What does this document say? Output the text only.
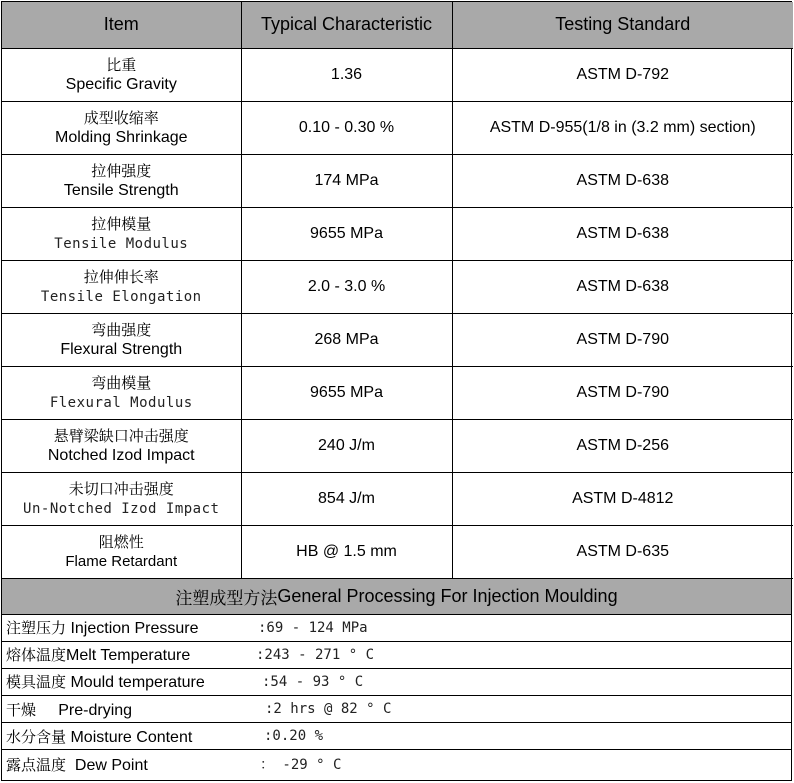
Item	Typical Characteristic	Testing Standard

比重
Specific Gravity	1.36	ASTM D-792

成型收缩率
Molding Shrinkage	0.10 - 0.30 %	ASTM D-955(1/8 in (3.2 mm) section)

拉伸强度
Tensile Strength	174 MPa	ASTM D-638

拉伸模量
Tensile Modulus	9655 MPa	ASTM D-638

拉伸伸长率
Tensile Elongation	2.0 - 3.0 %	ASTM D-638

弯曲强度
Flexural Strength	268 MPa	ASTM D-790

弯曲模量
Flexural Modulus	9655 MPa	ASTM D-790

悬臂梁缺口冲击强度
Notched Izod Impact	240 J/m	ASTM D-256

未切口冲击强度
Un-Notched Izod Impact	854 J/m	ASTM D-4812

阻燃性
Flame Retardant	HB @ 1.5 mm	ASTM D-635
注塑成型方法 General Processing For Injection Moulding
注塑压力 Injection Pressure	:69 - 124 MPa
熔体温度Melt Temperature	:243 - 271 ° C
模具温度 Mould temperature	:54 - 93 ° C
干燥     Pre-drying	:2 hrs @ 82 ° C
水分含量 Moisture Content	:0.20 %
露点温度  Dew Point	： -29 ° C
